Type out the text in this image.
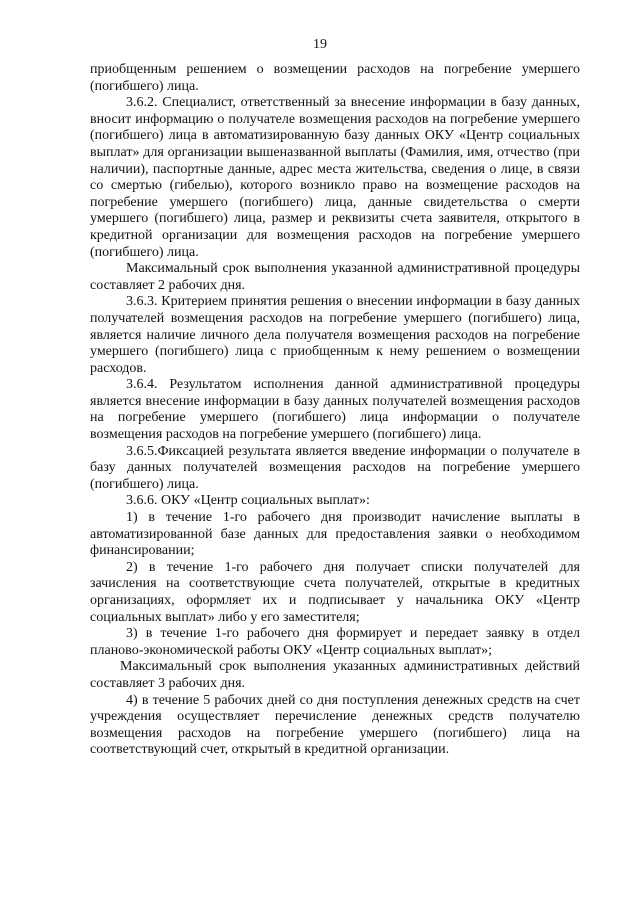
19

приобщенным решением о возмещении расходов на погребение умершего (погибшего) лица.

3.6.2. Специалист, ответственный за внесение информации в базу данных, вносит информацию о получателе возмещения расходов на погребение умершего (погибшего) лица в автоматизированную базу данных ОКУ «Центр социальных выплат» для организации вышеназванной выплаты (Фамилия, имя, отчество (при наличии), паспортные данные, адрес места жительства, сведения о лице, в связи со смертью (гибелью), которого возникло право на возмещение расходов на погребение умершего (погибшего) лица, данные свидетельства о смерти умершего (погибшего) лица, размер и реквизиты счета заявителя, открытого в кредитной организации для возмещения расходов на погребение умершего (погибшего) лица.

Максимальный срок выполнения указанной административной процедуры составляет 2 рабочих дня.

3.6.3. Критерием принятия решения о внесении информации в базу данных получателей возмещения расходов на погребение умершего (погибшего) лица, является наличие личного дела получателя возмещения расходов на погребение умершего (погибшего) лица с приобщенным к нему решением о возмещении расходов.

3.6.4. Результатом исполнения данной административной процедуры является внесение информации в базу данных получателей возмещения расходов на погребение умершего (погибшего) лица информации о получателе возмещения расходов на погребение умершего (погибшего) лица.

3.6.5.Фиксацией результата является введение информации о получателе в базу данных получателей возмещения расходов на погребение умершего (погибшего) лица.

3.6.6. ОКУ «Центр социальных выплат»:

1) в течение 1-го рабочего дня производит начисление выплаты в автоматизированной базе данных для предоставления заявки о необходимом финансировании;

2) в течение 1-го рабочего дня получает списки получателей для зачисления на соответствующие счета получателей, открытые в кредитных организациях, оформляет их и подписывает у начальника ОКУ «Центр социальных выплат» либо у его заместителя;

3) в течение 1-го рабочего дня формирует и передает заявку в отдел планово-экономической работы ОКУ «Центр социальных выплат»;

Максимальный срок выполнения указанных административных действий составляет 3 рабочих дня.

4) в течение 5 рабочих дней со дня поступления денежных средств на счет учреждения осуществляет перечисление денежных средств получателю возмещения расходов на погребение умершего (погибшего) лица на соответствующий счет, открытый в кредитной организации.
